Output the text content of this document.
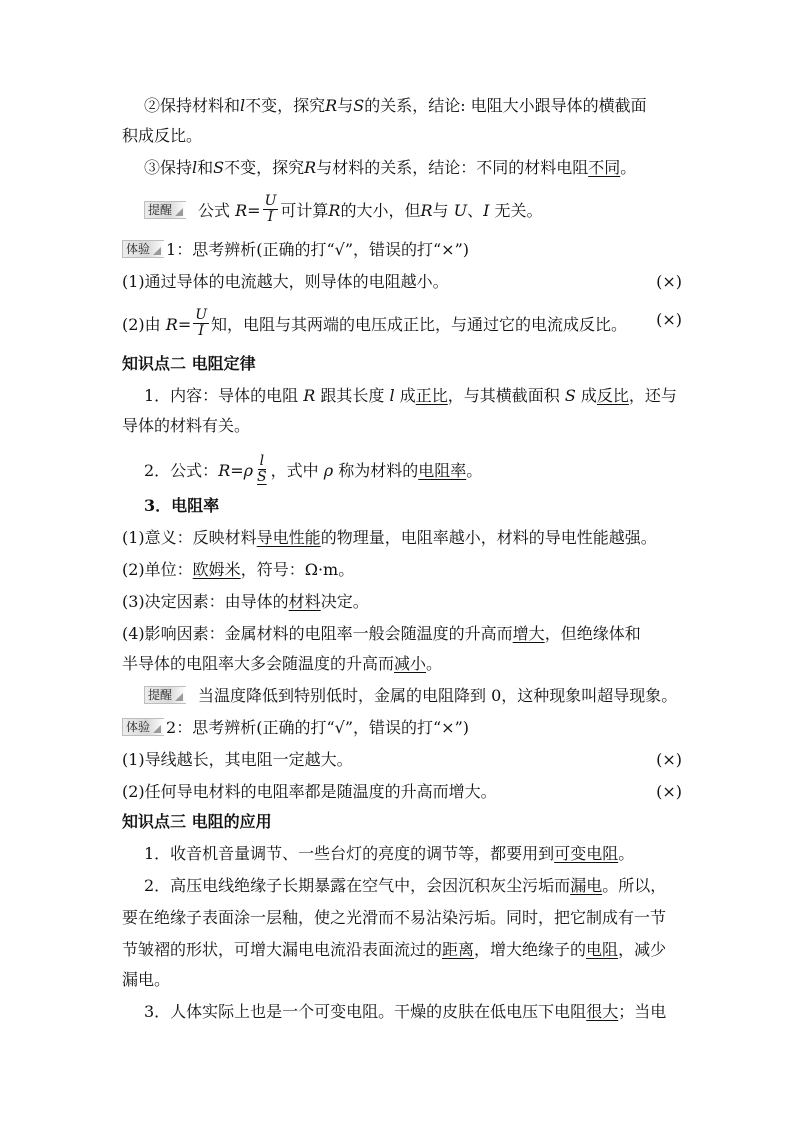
②保持材料和l不变，探究R与S的关系，结论: 电阻大小跟导体的横截面
积成反比。
③保持l和S不变，探究R与材料的关系，结论：不同的材料电阻不同。
提醒 公式 $R= \frac{U}{I}$ 可计算R的大小，但R与 U、I 无关。
体验 1：思考辨析(正确的打“√”，错误的打“×”)
(1)通过导体的电流越大，则导体的电阻越小。	(×)
(2)由 $R= \frac{U}{I}$ 知，电阻与其两端的电压成正比，与通过它的电流成反比。 (×)
知识点二 电阻定律
1．内容：导体的电阻 R 跟其长度 l 成正比，与其横截面积 S 成反比，还与
导体的材料有关。
2．公式：$R=\rho \frac{l}{S}$ ，式中 ρ 称为材料的电阻率。
3．电阻率
(1)意义：反映材料导电性能的物理量，电阻率越小，材料的导电性能越强。
(2)单位：欧姆米，符号：Ω·m。
(3)决定因素：由导体的材料决定。
(4)影响因素：金属材料的电阻率一般会随温度的升高而增大，但绝缘体和
半导体的电阻率大多会随温度的升高而减小。
提醒 当温度降低到特别低时，金属的电阻降到 0，这种现象叫超导现象。
体验 2：思考辨析(正确的打“√”，错误的打“×”)
(1)导线越长，其电阻一定越大。	(×)
(2)任何导电材料的电阻率都是随温度的升高而增大。	(×)
知识点三 电阻的应用
1．收音机音量调节、一些台灯的亮度的调节等，都要用到可变电阻。
2．高压电线绝缘子长期暴露在空气中，会因沉积灰尘污垢而漏电。所以，
要在绝缘子表面涂一层釉，使之光滑而不易沾染污垢。同时，把它制成有一节
节皱褶的形状，可增大漏电电流沿表面流过的距离，增大绝缘子的电阻，减少
漏电。
3．人体实际上也是一个可变电阻。干燥的皮肤在低电压下电阻很大；当电
